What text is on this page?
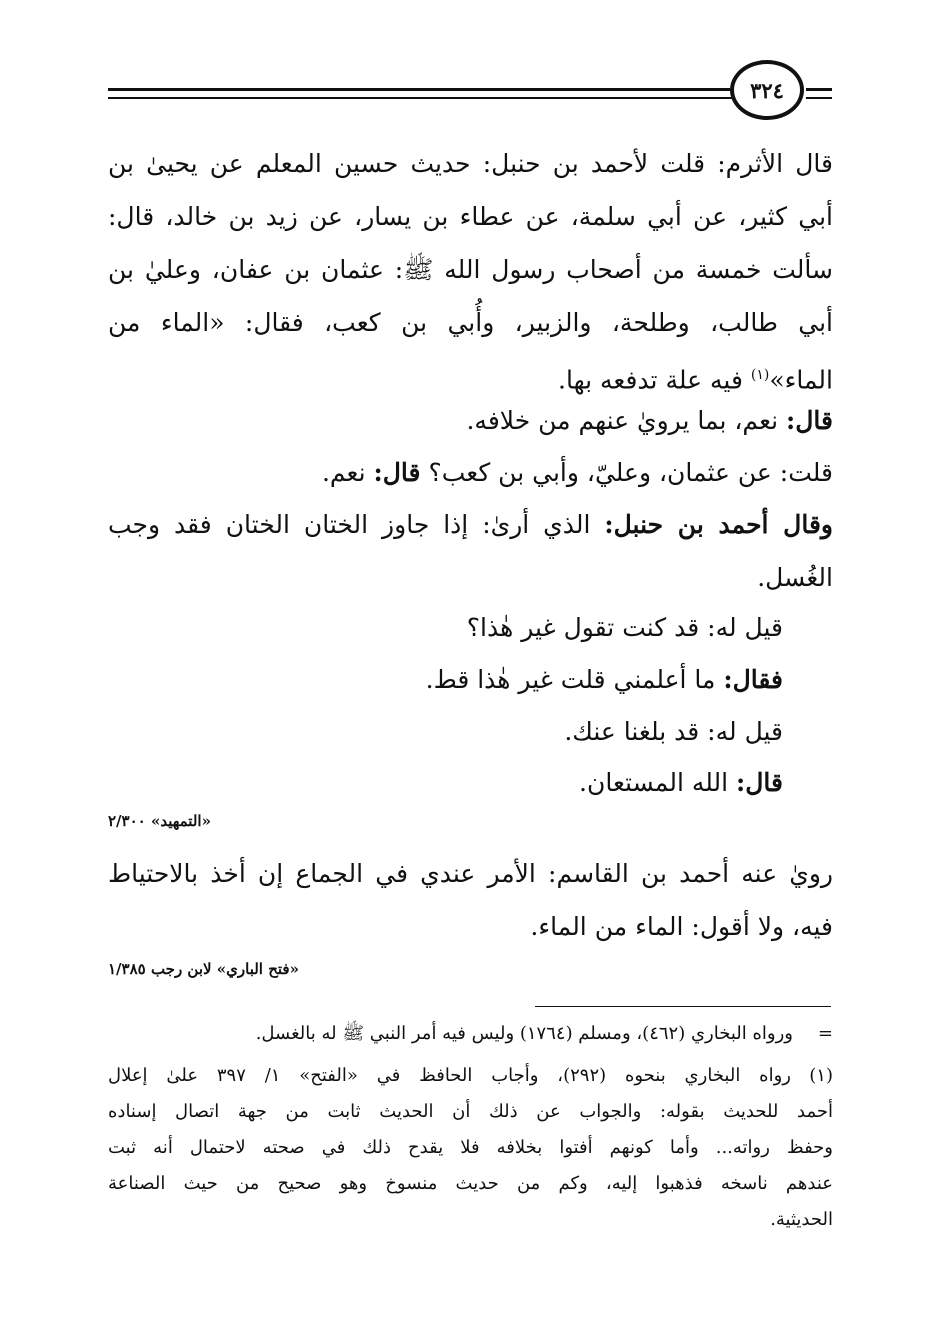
٣٢٤
قال الأثرم: قلت لأحمد بن حنبل: حديث حسين المعلم عن يحيىٰ بن
أبي كثير، عن أبي سلمة، عن عطاء بن يسار، عن زيد بن خالد، قال:
سألت خمسة من أصحاب رسول الله ﷺ: عثمان بن عفان، وعليٰ بن
أبي طالب، وطلحة، والزبير، وأُبي بن كعب، فقال: «الماء من
الماء»$^{(١)}$ فيه علة تدفعه بها.
قال: نعم، بما يرويٰ عنهم من خلافه.
قلت: عن عثمان، وعليّ، وأبي بن كعب؟ قال: نعم.
وقال أحمد بن حنبل: الذي أرىٰ: إذا جاوز الختان الختان فقد وجب
الغُسل.
قيل له: قد كنت تقول غير هٰذا؟
فقال: ما أعلمني قلت غير هٰذا قط.
قيل له: قد بلغنا عنك.
قال: الله المستعان.
«التمهيد» ٢/٣٠٠
رويٰ عنه أحمد بن القاسم: الأمر عندي في الجماع إن أخذ بالاحتياط
فيه، ولا أقول: الماء من الماء.
«فتح الباري» لابن رجب ١/٣٨٥
=
ورواه البخاري (٤٦٢)، ومسلم (١٧٦٤) وليس فيه أمر النبي ﷺ له بالغسل.
(١)
رواه البخاري بنحوه (٢٩٢)، وأجاب الحافظ في «الفتح» ١/ ٣٩٧ علىٰ إعلال
أحمد للحديث بقوله: والجواب عن ذلك أن الحديث ثابت من جهة اتصال إسناده
وحفظ رواته... وأما كونهم أفتوا بخلافه فلا يقدح ذلك في صحته لاحتمال أنه ثبت
عندهم ناسخه فذهبوا إليه، وكم من حديث منسوخ وهو صحيح من حيث الصناعة
الحديثية.
